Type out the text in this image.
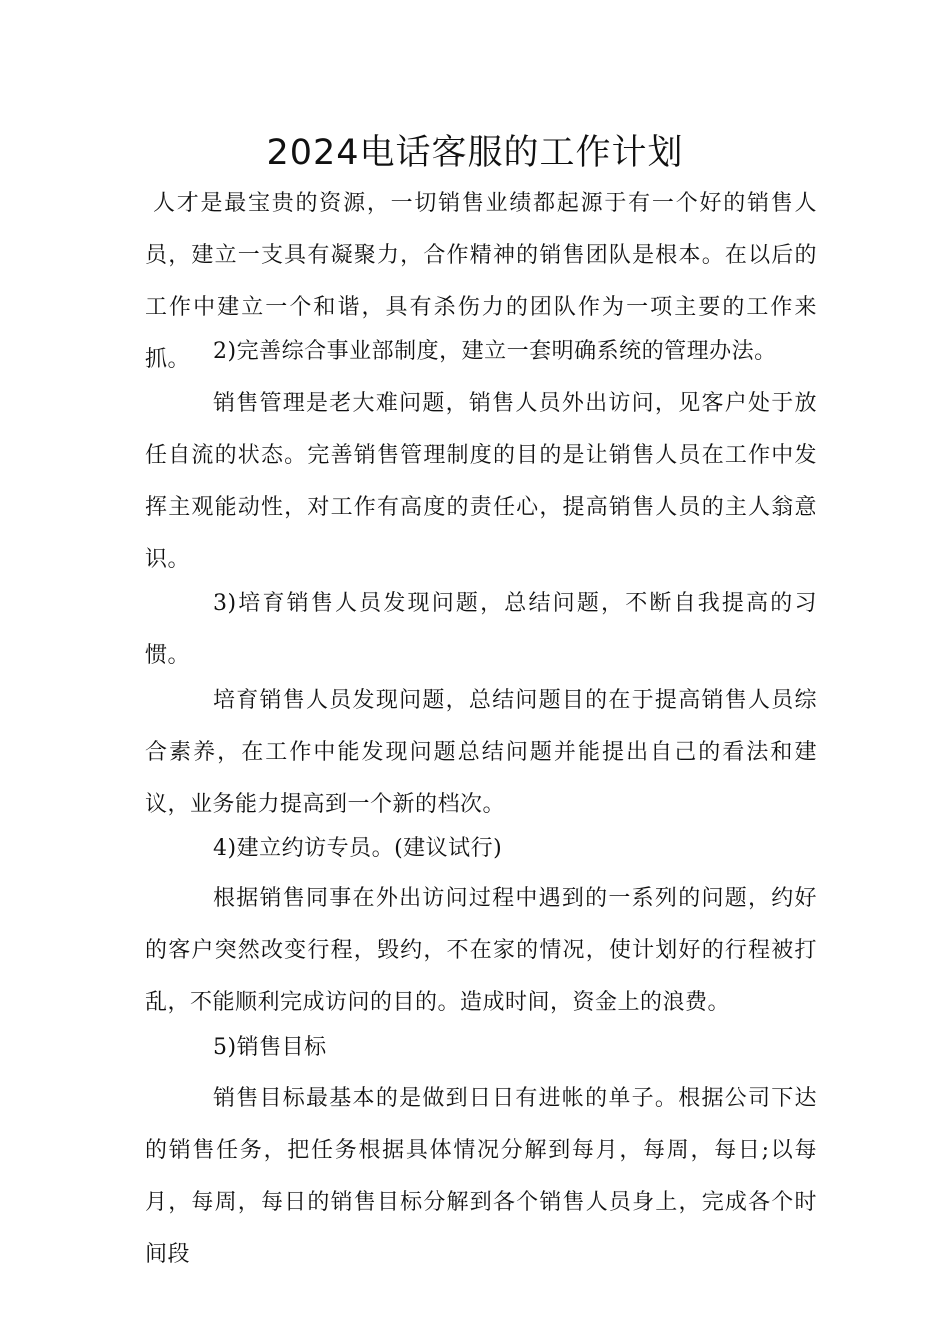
2024电话客服的工作计划

人才是最宝贵的资源，一切销售业绩都起源于有一个好的销售人员，建立一支具有凝聚力，合作精神的销售团队是根本。在以后的工作中建立一个和谐，具有杀伤力的团队作为一项主要的工作来抓。	2)完善综合事业部制度，建立一套明确系统的管理办法。

销售管理是老大难问题，销售人员外出访问，见客户处于放任自流的状态。完善销售管理制度的目的是让销售人员在工作中发挥主观能动性，对工作有高度的责任心，提高销售人员的主人翁意识。

3)培育销售人员发现问题，总结问题，不断自我提高的习惯。

培育销售人员发现问题，总结问题目的在于提高销售人员综合素养，在工作中能发现问题总结问题并能提出自己的看法和建议，业务能力提高到一个新的档次。

4)建立约访专员。(建议试行)

根据销售同事在外出访问过程中遇到的一系列的问题，约好的客户突然改变行程，毁约，不在家的情况，使计划好的行程被打乱，不能顺利完成访问的目的。造成时间，资金上的浪费。

5)销售目标

销售目标最基本的是做到日日有进帐的单子。根据公司下达的销售任务，把任务根据具体情况分解到每月，每周，每日;以每月，每周，每日的销售目标分解到各个销售人员身上，完成各个时间段
